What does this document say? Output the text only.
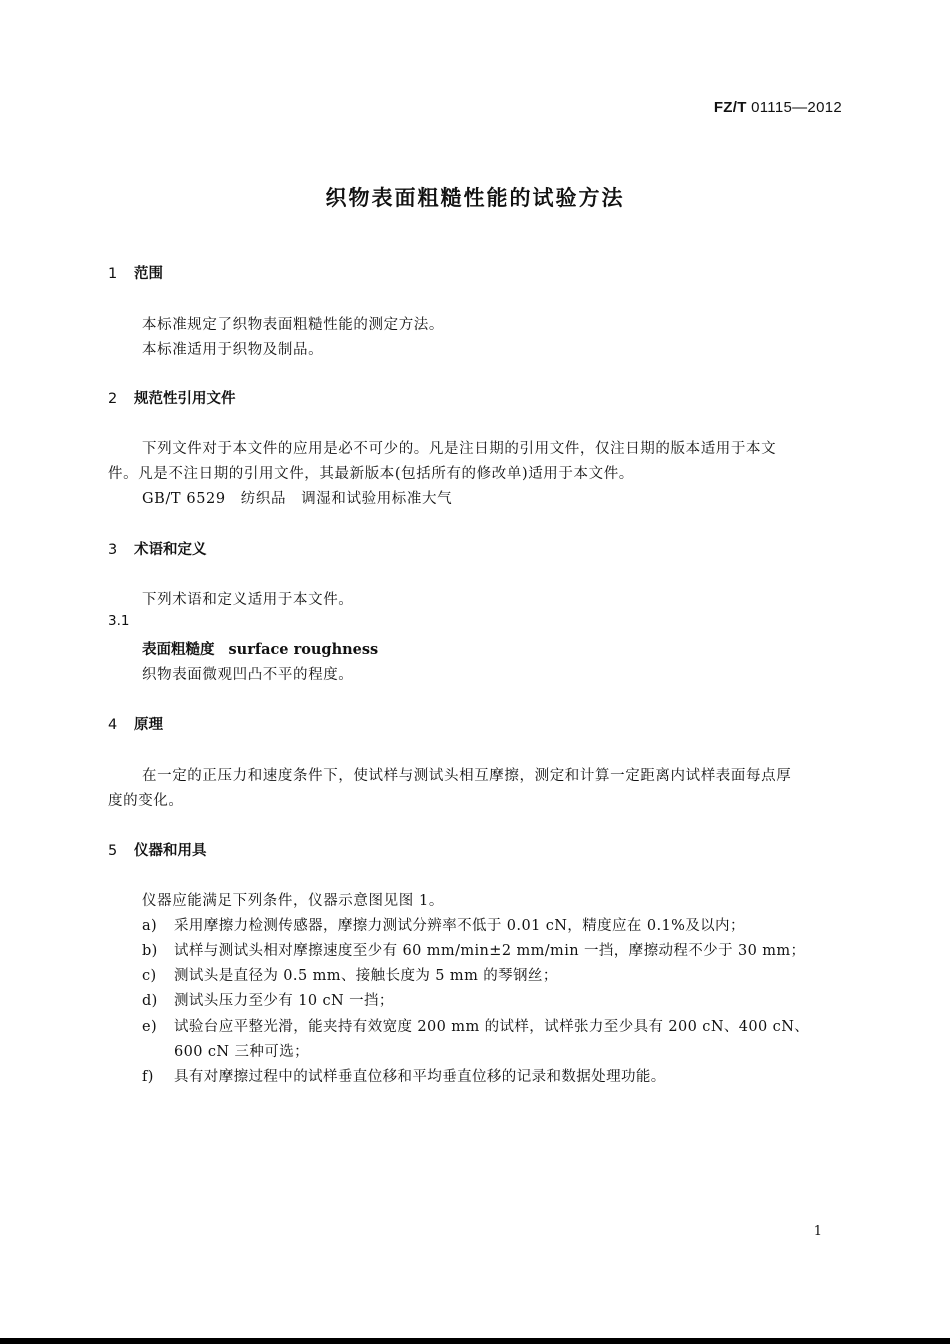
FZ/T 01115—2012
织物表面粗糙性能的试验方法
1 范围
本标准规定了织物表面粗糙性能的测定方法。
本标准适用于织物及制品。
2 规范性引用文件
下列文件对于本文件的应用是必不可少的。凡是注日期的引用文件，仅注日期的版本适用于本文
件。凡是不注日期的引用文件，其最新版本(包括所有的修改单)适用于本文件。
GB/T 6529　纺织品　调湿和试验用标准大气
3 术语和定义
下列术语和定义适用于本文件。
3.1
表面粗糙度 surface roughness
织物表面微观凹凸不平的程度。
4 原理
在一定的正压力和速度条件下，使试样与测试头相互摩擦，测定和计算一定距离内试样表面每点厚
度的变化。
5 仪器和用具
仪器应能满足下列条件，仪器示意图见图 1。
a) 采用摩擦力检测传感器，摩擦力测试分辨率不低于 0.01 cN，精度应在 0.1%及以内；
b) 试样与测试头相对摩擦速度至少有 60 mm/min±2 mm/min 一挡，摩擦动程不少于 30 mm；
c) 测试头是直径为 0.5 mm、接触长度为 5 mm 的琴钢丝；
d) 测试头压力至少有 10 cN 一挡；
e) 试验台应平整光滑，能夹持有效宽度 200 mm 的试样，试样张力至少具有 200 cN、400 cN、
600 cN 三种可选；
f) 具有对摩擦过程中的试样垂直位移和平均垂直位移的记录和数据处理功能。
1
